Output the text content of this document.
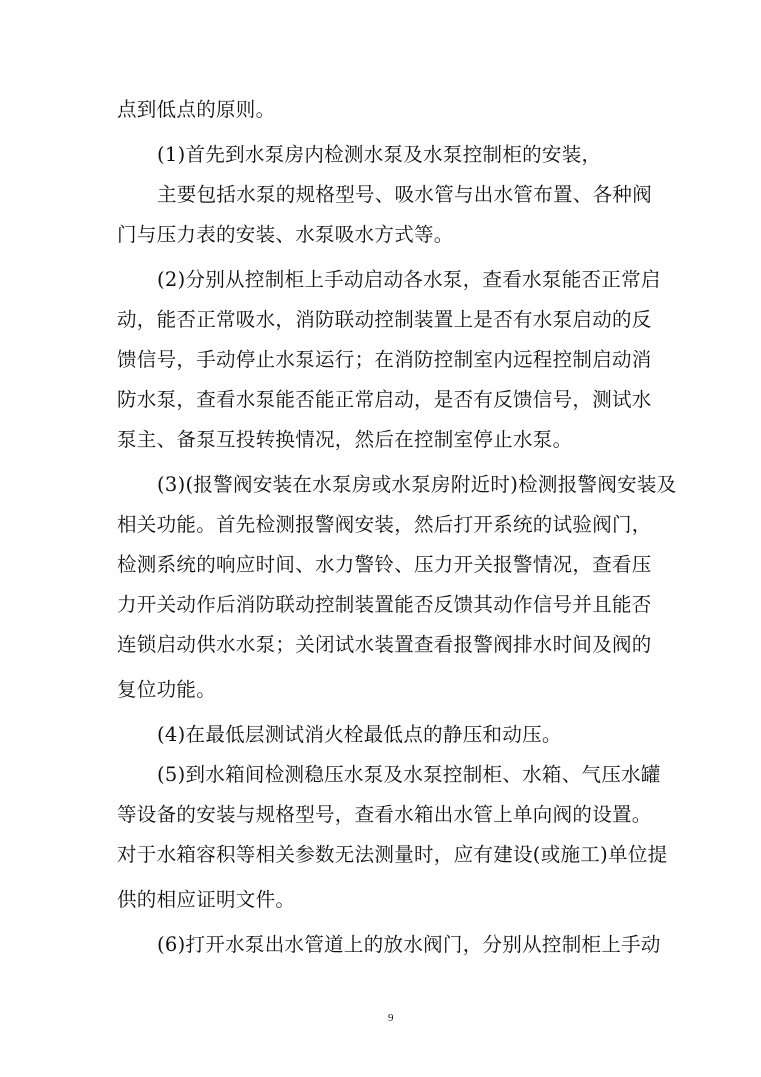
点到低点的原则。
(1)首先到水泵房内检测水泵及水泵控制柜的安装，
主要包括水泵的规格型号、吸水管与出水管布置、各种阀
门与压力表的安装、水泵吸水方式等。
(2)分别从控制柜上手动启动各水泵，查看水泵能否正常启
动，能否正常吸水，消防联动控制装置上是否有水泵启动的反
馈信号，手动停止水泵运行；在消防控制室内远程控制启动消
防水泵，查看水泵能否能正常启动，是否有反馈信号，测试水
泵主、备泵互投转换情况，然后在控制室停止水泵。
(3)(报警阀安装在水泵房或水泵房附近时)检测报警阀安装及
相关功能。首先检测报警阀安装，然后打开系统的试验阀门，
检测系统的响应时间、水力警铃、压力开关报警情况，查看压
力开关动作后消防联动控制装置能否反馈其动作信号并且能否
连锁启动供水水泵；关闭试水装置查看报警阀排水时间及阀的
复位功能。
(4)在最低层测试消火栓最低点的静压和动压。
(5)到水箱间检测稳压水泵及水泵控制柜、水箱、气压水罐
等设备的安装与规格型号，查看水箱出水管上单向阀的设置。
对于水箱容积等相关参数无法测量时，应有建设(或施工)单位提
供的相应证明文件。
(6)打开水泵出水管道上的放水阀门，分别从控制柜上手动
9
